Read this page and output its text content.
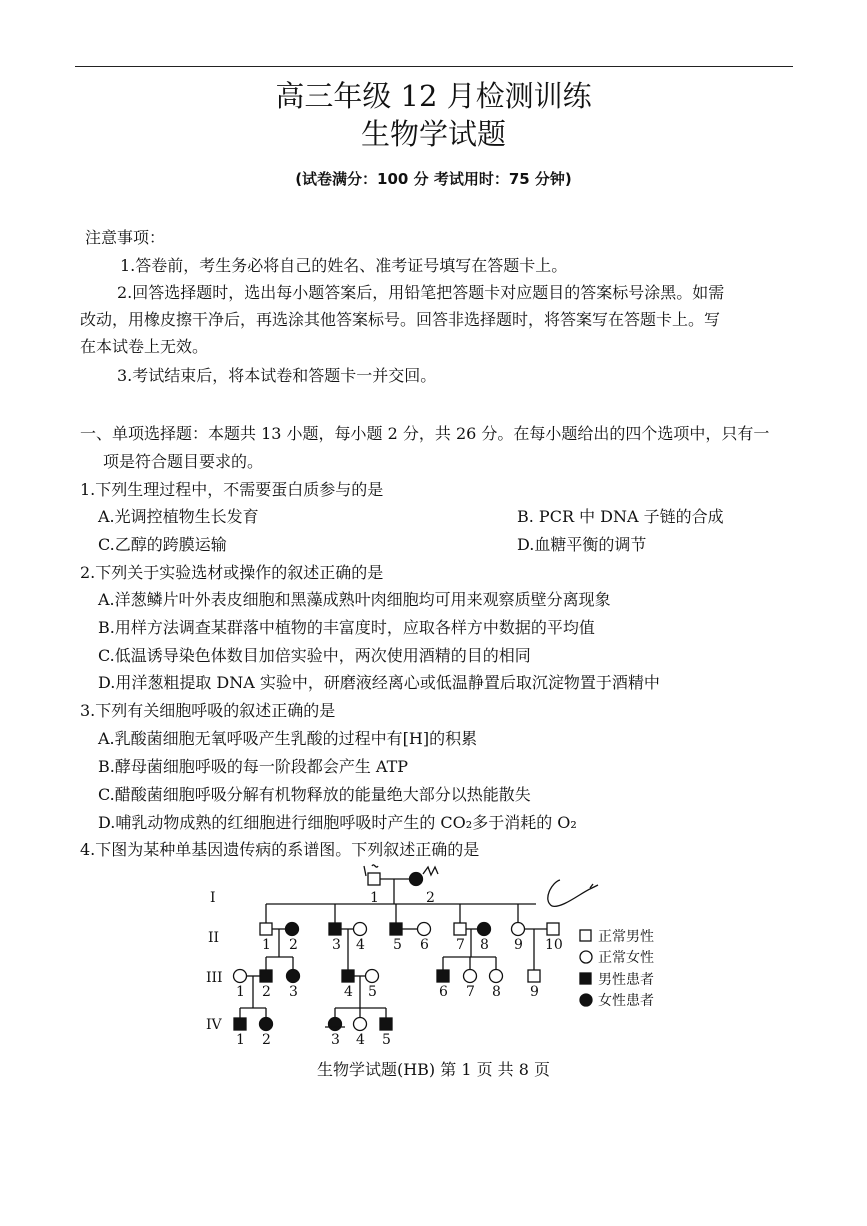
高三年级 12 月检测训练
生物学试题
(试卷满分：100 分 考试用时：75 分钟)
注意事项：
1.答卷前，考生务必将自己的姓名、准考证号填写在答题卡上。
2.回答选择题时，选出每小题答案后，用铅笔把答题卡对应题目的答案标号涂黑。如需
改动，用橡皮擦干净后，再选涂其他答案标号。回答非选择题时，将答案写在答题卡上。写
在本试卷上无效。
3.考试结束后，将本试卷和答题卡一并交回。
一、单项选择题：本题共 13 小题，每小题 2 分，共 26 分。在每小题给出的四个选项中，只有一
项是符合题目要求的。
1.下列生理过程中，不需要蛋白质参与的是
A.光调控植物生长发育	B. PCR 中 DNA 子链的合成
C.乙醇的跨膜运输	D.血糖平衡的调节
2.下列关于实验选材或操作的叙述正确的是
A.洋葱鳞片叶外表皮细胞和黑藻成熟叶肉细胞均可用来观察质壁分离现象
B.用样方法调查某群落中植物的丰富度时，应取各样方中数据的平均值
C.低温诱导染色体数目加倍实验中，两次使用酒精的目的相同
D.用洋葱粗提取 DNA 实验中，研磨液经离心或低温静置后取沉淀物置于酒精中
3.下列有关细胞呼吸的叙述正确的是
A.乳酸菌细胞无氧呼吸产生乳酸的过程中有[H]的积累
B.酵母菌细胞呼吸的每一阶段都会产生 ATP
C.醋酸菌细胞呼吸分解有机物释放的能量绝大部分以热能散失
D.哺乳动物成熟的红细胞进行细胞呼吸时产生的 CO₂多于消耗的 O₂
4.下图为某种单基因遗传病的系谱图。下列叙述正确的是
I
II
III
IV
1	2
1 2 3 4 5 6 7 8 9 10
1 2 3	4 5	6 7 8 9
1 2	3 4 5
正常男性
正常女性
男性患者
女性患者
生物学试题(HB) 第 1 页 共 8 页
